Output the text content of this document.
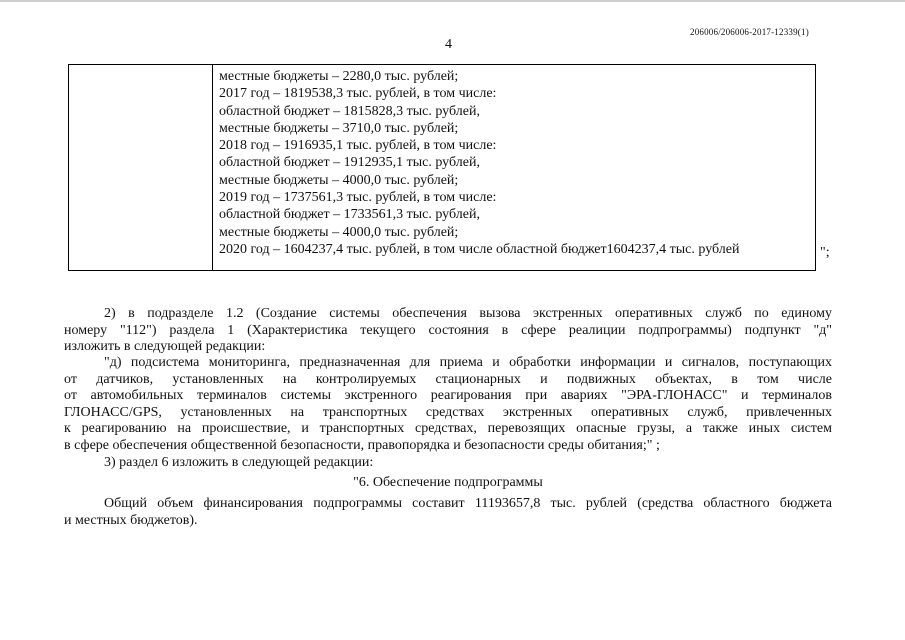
206006/206006-2017-12339(1)
4
местные бюджеты – 2280,0 тыс. рублей;
2017 год – 1819538,3 тыс. рублей, в том числе:
областной бюджет – 1815828,3 тыс. рублей,
местные бюджеты – 3710,0 тыс. рублей;
2018 год – 1916935,1 тыс. рублей, в том числе:
областной бюджет – 1912935,1 тыс. рублей,
местные бюджеты – 4000,0 тыс. рублей;
2019 год – 1737561,3 тыс. рублей, в том числе:
областной бюджет – 1733561,3 тыс. рублей,
местные бюджеты – 4000,0 тыс. рублей;
2020 год – 1604237,4 тыс. рублей, в том числе областной бюджет1604237,4 тыс. рублей	";
2) в подразделе 1.2 (Создание системы обеспечения вызова экстренных оперативных служб по единому
номеру "112") раздела 1 (Характеристика текущего состояния в сфере реалиции подпрограммы) подпункт "д"
изложить в следующей редакции:
"д) подсистема мониторинга, предназначенная для приема и обработки информации и сигналов, поступающих
от датчиков, установленных на контролируемых стационарных и подвижных объектах, в том числе
от автомобильных терминалов системы экстренного реагирования при авариях "ЭРА-ГЛОНАСС" и терминалов
ГЛОНАСС/GPS, установленных на транспортных средствах экстренных оперативных служб, привлеченных
к реагированию на происшествие, и транспортных средствах, перевозящих опасные грузы, а также иных систем
в сфере обеспечения общественной безопасности, правопорядка и безопасности среды обитания;" ;
3) раздел 6 изложить в следующей редакции:
"6. Обеспечение подпрограммы
Общий объем финансирования подпрограммы составит 11193657,8 тыс. рублей (средства областного бюджета
и местных бюджетов).
